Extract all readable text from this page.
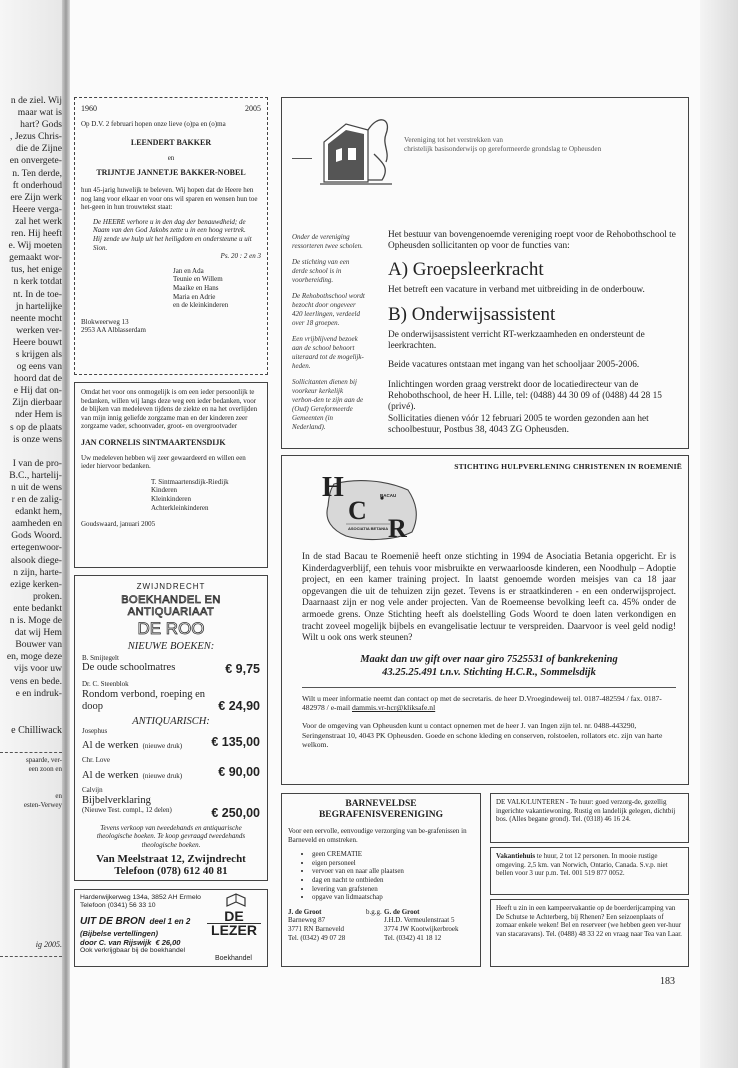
n de ziel. Wij
maar wat is
hart? Gods
, Jezus Chris-
die de Zijne
en onvergete-
n. Ten derde,
ft onderhoud
ere Zijn werk
Heere verga-
zal het werk
ren. Hij heeft
e. Wij moeten
gemaakt wor-
tus, het enige
n kerk totdat
nt. In de toe-
jn hartelijke
neente mocht
werken ver-
Heere bouwt
s krijgen als
og eens van
hoord dat de
e Hij dat on-
Zijn dierbaar
nder Hem is
s op de plaats
is onze wens
I van de pro-
B.C., hartelij-
n uit de wens
r en de zalig-
edankt hem,
aamheden en
Gods Woord.
ertegenwoor-
alsook diege-
n zijn, harte-
ezige kerken-
proken.
ente bedankt
n is. Moge de
dat wij Hem
Bouwer van
en, moge deze
vijs voor uw
vens en bede.
e en indruk-
e Chilliwack
spaarde, ver-
een zoon en
en
esten-Verwey
ig 2005.
1960	2005

Op D.V. 2 februari hopen onze lieve (o)pa en (o)ma

LEENDERT BAKKER

en

TRIJNTJE JANNETJE BAKKER-NOBEL

hun 45-jarig huwelijk te beleven. Wij hopen dat de Heere hen nog lang voor elkaar en voor ons wil sparen en wensen hun toe het-geen in hun trouwtekst staat:

De HEERE verhore u in den dag der benauwdheid; de Naam van den God Jakobs zette u in een hoog vertrek. Hij zende uw hulp uit het heiligdom en ondersteune u uit Sion.

Ps. 20 : 2 en 3

Jan en Ada
Teunie en Willem
Maaike en Hans
Maria en Adrie
en de kleinkinderen
Blokweerweg 13
2953 AA Alblasserdam

Omdat het voor ons onmogelijk is om een ieder persoonlijk te bedanken, willen wij langs deze weg een ieder bedanken, voor de blijken van medeleven tijdens de ziekte en na het overlijden van mijn innig geliefde zorgzame man en der kinderen zeer zorgzame vader, schoonvader, groot- en overgrootvader

JAN CORNELIS SINTMAARTENSDIJK

Uw medeleven hebben wij zeer gewaardeerd en willen een ieder hiervoor bedanken.

T. Sintmaartensdijk-Riedijk
Kinderen
Kleinkinderen
Achterkleinkinderen

Goudswaard, januari 2005

ZWIJNDRECHT

BOEKHANDEL EN ANTIQUARIAAT

DE ROO

NIEUWE BOEKEN:

B. Smijtegelt
De oude schoolmatres	€ 9,75
Dr. C. Steenblok
Rondom verbond, roeping en doop	€ 24,90

ANTIQUARISCH:

Josephus
Al de werken (nieuwe druk) € 135,00
Chr. Love
Al de werken (nieuwe druk)	€ 90,00
Calvijn
Bijbelverklaring
(Nieuwe Test. compl., 12 delen)	€ 250,00

Tevens verkoop van tweedehands en antiquarische theologische boeken. Te koop gevraagd tweedehands theologische boeken.

Van Meelstraat 12, Zwijndrecht

Telefoon (078) 612 40 81

Harderwijkerweg 134a, 3852 AH Ermelo
Telefoon (0341) 56 33 10
UIT DE BRON deel 1 en 2
(Bijbelse vertellingen)
door C. van Rijswijk € 26,00
Ook verkrijgbaar bij de boekhandel
DE
LEZER
Boekhandel
Vereniging tot het verstrekken van
christelijk basisonderwijs op gereformeerde grondslag te Opheusden

Onder de vereniging ressorteren twee scholen.

De stichting van een derde school is in voorbereiding.

De Rehobothschool wordt bezocht door ongeveer 420 leerlingen, verdeeld over 18 groepen.

Een vrijblijvend bezoek aan de school behoort uiteraard tot de mogelijk-heden.

Sollicitanten dienen bij voorkeur kerkelijk verbon-den te zijn aan de (Oud) Gereformeerde Gemeenten (in Nederland).

Het bestuur van bovengenoemde vereniging roept voor de Rehobothschool te Opheusden sollicitanten op voor de functies van:

A) Groepsleerkracht

Het betreft een vacature in verband met uitbreiding in de onderbouw.

B) Onderwijsassistent

De onderwijsassistent verricht RT-werkzaamheden en ondersteunt de leerkrachten.

Beide vacatures ontstaan met ingang van het schooljaar 2005-2006.

Inlichtingen worden graag verstrekt door de locatiedirecteur van de Rehobothschool, de heer H. Lille, tel: (0488) 44 30 09 of (0488) 44 28 15 (privé).

Sollicitaties dienen vóór 12 februari 2005 te worden gezonden aan het schoolbestuur, Postbus 38, 4043 ZG Opheusden.

STICHTING HULPVERLENING CHRISTENEN IN ROEMENIË
H
C
R
BACAU
ASOCIATIA BETANIA

In de stad Bacau te Roemenië heeft onze stichting in 1994 de Asociatia Betania opgericht. Er is Kinderdagverblijf, een tehuis voor misbruikte en verwaarloosde kinderen, een Noodhulp – Adoptie project, en een kamer training project. In laatst genoemde worden meisjes van ca 18 jaar opgevangen die uit de tehuizen zijn gezet. Tevens is er straatkinderen - en een onderwijsproject. Daarnaast zijn er nog vele ander projecten. Van de Roemeense bevolking leeft ca. 45% onder de armoede grens. Onze Stichting heeft als doelstelling Gods Woord te doen laten verkondigen en tracht zoveel mogelijk bijbels en evangelisatie lectuur te verspreiden. Daarvoor is veel geld nodig! Wilt u ook ons werk steunen?

Maakt dan uw gift over naar giro 7525531 of bankrekening

43.25.25.491 t.n.v. Stichting H.C.R., Sommelsdijk

Wilt u meer informatie neemt dan contact op met de secretaris. de heer D.Vroegindeweij tel. 0187-482594 / fax. 0187-482978 / e-mail dammis.vr-hcr@kliksafe.nl

Voor de omgeving van Opheusden kunt u contact opnemen met de heer J. van Ingen zijn tel. nr. 0488-443290, Seringenstraat 10, 4043 PK Opheusden. Goede en schone kleding en conserven, rolstoelen, rollators etc. zijn van harte welkom.

BARNEVELDSE

BEGRAFENISVERENIGING

Voor een eervolle, eenvoudige verzorging van be-grafenissen in Barneveld en omstreken.

• geen CREMATIE
• eigen personeel
• vervoer van en naar alle plaatsen
• dag en nacht te ontbieden
• levering van grafstenen
• opgave van lidmaatschap
J. de Groot
Barneweg 87
3771 RN Barneveld
Tel. (0342) 49 07 28
b.g.g. G. de Groot
J.H.D. Vermeulenstraat 5
3774 JW Kootwijkerbroek
Tel. (0342) 41 18 12

DE VALK/LUNTEREN - Te huur: goed verzorg-de, gezellig ingerichte vakantiewoning. Rustig en landelijk gelegen, dichtbij bos. (Alles begane grond). Tel. (0318) 46 16 24.

Vakantiehuis te huur, 2 tot 12 personen. In mooie rustige omgeving. 2,5 km. van Norwich, Ontario, Canada. S.v.p. niet bellen voor 3 uur p.m. Tel. 001 519 877 0052.

Heeft u zin in een kampeervakantie op de boerderijcamping van De Schutse te Achterberg, bij Rhenen? Een seizoenplaats of zomaar enkele weken! Bel en reserveer (we hebben geen ver-huur van stacaravans). Tel. (0488) 48 33 22 en vraag naar Tea van Laar.

183
